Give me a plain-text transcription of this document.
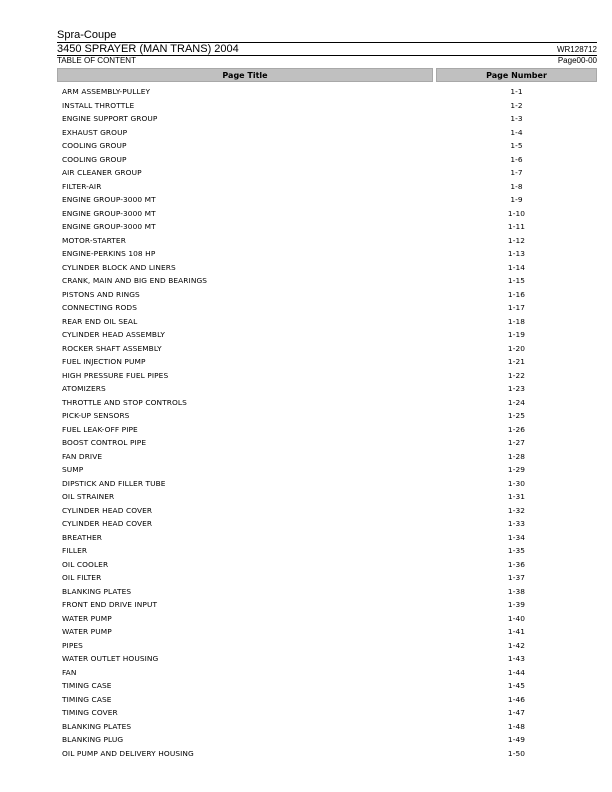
Spra-Coupe
3450 SPRAYER (MAN TRANS) 2004	WR128712
TABLE OF CONTENT	Page00-00
Page Title	Page Number
ARM ASSEMBLY-PULLEY	1-1
INSTALL THROTTLE	1-2
ENGINE SUPPORT GROUP	1-3
EXHAUST GROUP	1-4
COOLING GROUP	1-5
COOLING GROUP	1-6
AIR CLEANER GROUP	1-7
FILTER-AIR	1-8
ENGINE GROUP-3000 MT	1-9
ENGINE GROUP-3000 MT	1-10
ENGINE GROUP-3000 MT	1-11
MOTOR-STARTER	1-12
ENGINE-PERKINS 108 HP	1-13
CYLINDER BLOCK AND LINERS	1-14
CRANK, MAIN AND BIG END BEARINGS	1-15
PISTONS AND RINGS	1-16
CONNECTING RODS	1-17
REAR END OIL SEAL	1-18
CYLINDER HEAD ASSEMBLY	1-19
ROCKER SHAFT ASSEMBLY	1-20
FUEL INJECTION PUMP	1-21
HIGH PRESSURE FUEL PIPES	1-22
ATOMIZERS	1-23
THROTTLE AND STOP CONTROLS	1-24
PICK-UP SENSORS	1-25
FUEL LEAK-OFF PIPE	1-26
BOOST CONTROL PIPE	1-27
FAN DRIVE	1-28
SUMP	1-29
DIPSTICK AND FILLER TUBE	1-30
OIL STRAINER	1-31
CYLINDER HEAD COVER	1-32
CYLINDER HEAD COVER	1-33
BREATHER	1-34
FILLER	1-35
OIL COOLER	1-36
OIL FILTER	1-37
BLANKING PLATES	1-38
FRONT END DRIVE INPUT	1-39
WATER PUMP	1-40
WATER PUMP	1-41
PIPES	1-42
WATER OUTLET HOUSING	1-43
FAN	1-44
TIMING CASE	1-45
TIMING CASE	1-46
TIMING COVER	1-47
BLANKING PLATES	1-48
BLANKING PLUG	1-49
OIL PUMP AND DELIVERY HOUSING	1-50
